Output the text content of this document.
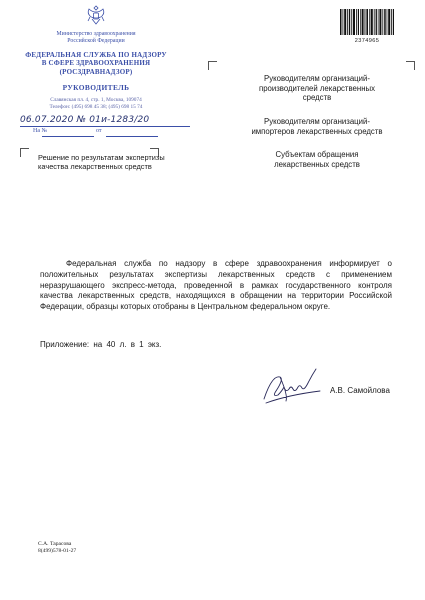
Министерство здравоохранения
Российской Федерации
ФЕДЕРАЛЬНАЯ СЛУЖБА ПО НАДЗОРУ
В СФЕРЕ ЗДРАВООХРАНЕНИЯ
(РОСЗДРАВНАДЗОР)
РУКОВОДИТЕЛЬ
Славянская пл. 4, стр. 1, Москва, 109074
Телефон: (495) 698 45 38; (495) 698 15 74
06.07.2020 № 01и-1283/20
На №	от
Решение по результатам экспертизы
качества лекарственных средств
2374965
Руководителям организаций-
производителей лекарственных
средств
Руководителям организаций-
импортеров лекарственных средств
Субъектам обращения
лекарственных средств
Федеральная служба по надзору в сфере здравоохранения информирует о положительных результатах экспертизы лекарственных средств с применением неразрушающего экспресс-метода, проведенной в рамках государственного контроля качества лекарственных средств, находящихся в обращении на территории Российской Федерации, образцы которых отобраны в Центральном федеральном округе.
Приложение: на 40 л. в 1 экз.
А.В. Самойлова
С.А. Тарасова
8(499)578-01-27
